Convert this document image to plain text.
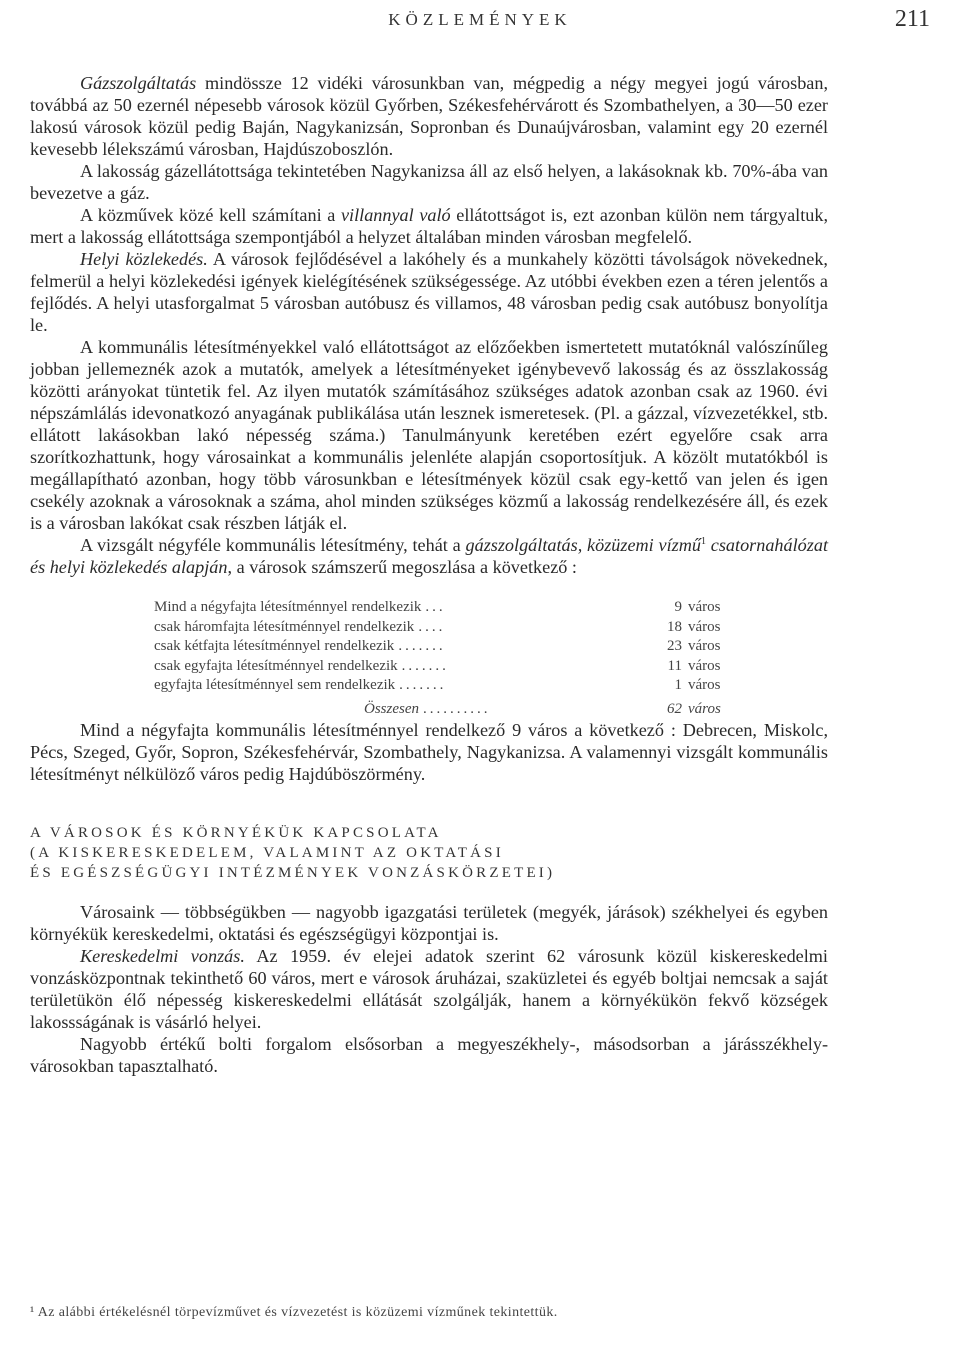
KÖZLEMÉNYEK	211

Gázszolgáltatás mindössze 12 vidéki városunkban van, mégpedig a négy megyei jogú városban, továbbá az 50 ezernél népesebb városok közül Győrben, Székesfehérvárott és Szombathelyen, a 30—50 ezer lakosú városok közül pedig Baján, Nagykanizsán, Sopronban és Dunaújvárosban, valamint egy 20 ezernél kevesebb lélekszámú városban, Hajdúszoboszlón.

A lakosság gázellátottsága tekintetében Nagykanizsa áll az első helyen, a lakásoknak kb. 70%-ába van bevezetve a gáz.

A közművek közé kell számítani a villannyal való ellátottságot is, ezt azonban külön nem tárgyaltuk, mert a lakosság ellátottsága szempontjából a helyzet általában minden városban megfelelő.

Helyi közlekedés. A városok fejlődésével a lakóhely és a munkahely közötti távolságok növekednek, felmerül a helyi közlekedési igények kielégítésének szükségessége. Az utóbbi években ezen a téren jelentős a fejlődés. A helyi utasforgalmat 5 városban autóbusz és villamos, 48 városban pedig csak autóbusz bonyolítja le.

A kommunális létesítményekkel való ellátottságot az előzőekben ismertetett mutatóknál valószínűleg jobban jellemeznék azok a mutatók, amelyek a létesítményeket igénybevevő lakosság és az összlakosság közötti arányokat tüntetik fel. Az ilyen mutatók számításához szükséges adatok azonban csak az 1960. évi népszámlálás idevonatkozó anyagának publikálása után lesznek ismeretesek. (Pl. a gázzal, vízvezetékkel, stb. ellátott lakásokban lakó népesség száma.) Tanulmányunk keretében ezért egyelőre csak arra szorítkozhattunk, hogy városainkat a kommunális jelenléte alapján csoportosítjuk. A közölt mutatókból is megállapítható azonban, hogy több városunkban e létesítmények közül csak egy-kettő van jelen és igen csekély azoknak a városoknak a száma, ahol minden szükséges közmű a lakosság rendelkezésére áll, és ezek is a városban lakókat csak részben látják el.

A vizsgált négyféle kommunális létesítmény, tehát a gázszolgáltatás, közüzemi vízmű$^1$ csatornahálózat és helyi közlekedés alapján, a városok számszerű megoszlása a következő :

Mind a négyfajta létesítménnyel rendelkezik ...	9 város
csak háromfajta létesítménnyel rendelkezik ....	18 város
csak kétfajta létesítménnyel rendelkezik .......	23 város
csak egyfajta létesítménnyel rendelkezik .......	11 város
egyfajta létesítménnyel sem rendelkezik .......	1 város
Összesen ..........	62 város

Mind a négyfajta kommunális létesítménnyel rendelkező 9 város a következő : Debrecen, Miskolc, Pécs, Szeged, Győr, Sopron, Székesfehérvár, Szombathely, Nagykanizsa. A valamennyi vizsgált kommunális létesítményt nélkülöző város pedig Hajdúböszörmény.

A VÁROSOK ÉS KÖRNYÉKÜK KAPCSOLATA
(A KISKERESKEDELEM, VALAMINT AZ OKTATÁSI
ÉS EGÉSZSÉGÜGYI INTÉZMÉNYEK VONZÁSKÖRZETEI)

Városaink — többségükben — nagyobb igazgatási területek (megyék, járások) székhelyei és egyben környékük kereskedelmi, oktatási és egészségügyi központjai is.

Kereskedelmi vonzás. Az 1959. év elejei adatok szerint 62 városunk közül kiskereskedelmi vonzásközpontnak tekinthető 60 város, mert e városok áruházai, szaküzletei és egyéb boltjai nemcsak a saját területükön élő népesség kiskereskedelmi ellátását szolgálják, hanem a környékükön fekvő községek lakossságának is vásárló helyei.

Nagyobb értékű bolti forgalom elsősorban a megyeszékhely-, másodsorban a járásszékhely-városokban tapasztalható.

¹ Az alábbi értékelésnél törpevízművet és vízvezetést is közüzemi vízműnek tekintettük.
